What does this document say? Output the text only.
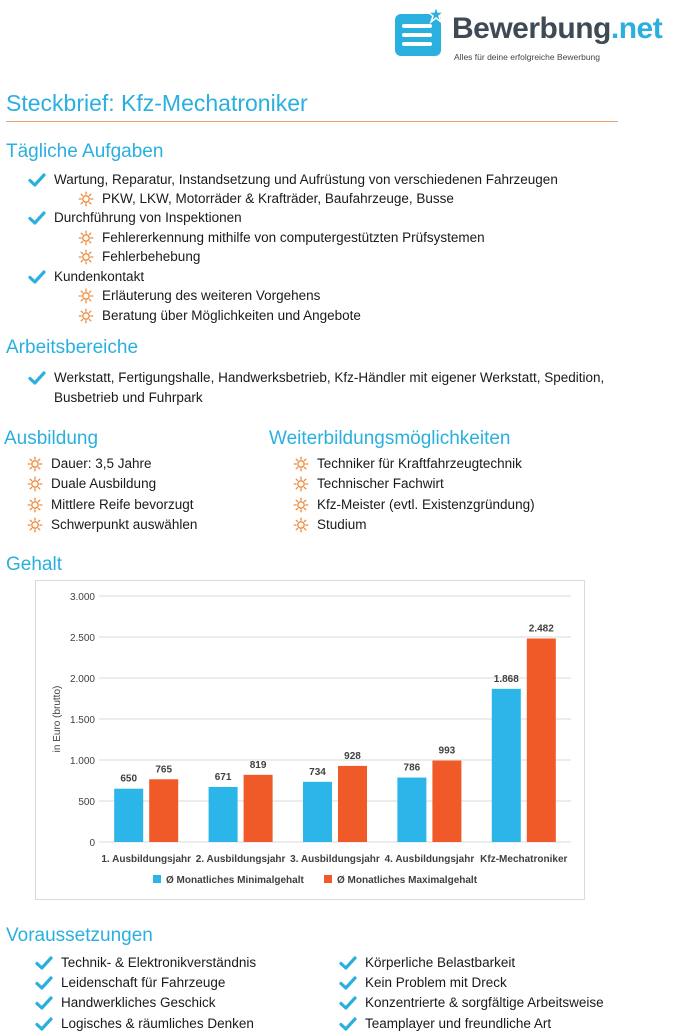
Bewerbung.net
Alles für deine erfolgreiche Bewerbung
Steckbrief: Kfz-Mechatroniker
Tägliche Aufgaben
Wartung, Reparatur, Instandsetzung und Aufrüstung von verschiedenen Fahrzeugen
PKW, LKW, Motorräder & Krafträder, Baufahrzeuge, Busse
Durchführung von Inspektionen
Fehlererkennung mithilfe von computergestützten Prüfsystemen
Fehlerbehebung
Kundenkontakt
Erläuterung des weiteren Vorgehens
Beratung über Möglichkeiten und Angebote
Arbeitsbereiche
Werkstatt, Fertigungshalle, Handwerksbetrieb, Kfz-Händler mit eigener Werkstatt, Spedition,
Busbetrieb und Fuhrpark
Ausbildung
Dauer: 3,5 Jahre
Duale Ausbildung
Mittlere Reife bevorzugt
Schwerpunkt auswählen
Weiterbildungsmöglichkeiten
Techniker für Kraftfahrzeugtechnik
Technischer Fachwirt
Kfz-Meister (evtl. Existenzgründung)
Studium
Gehalt
0
500
1.000
1.500
2.000
2.500
3.000
in Euro (brutto)
650
765
1. Ausbildungsjahr
671
819
2. Ausbildungsjahr
734
928
3. Ausbildungsjahr
786
993
4. Ausbildungsjahr
1.868
2.482
Kfz-Mechatroniker
Ø Monatliches Minimalgehalt	Ø Monatliches Maximalgehalt
Voraussetzungen
Technik- & Elektronikverständnis
Leidenschaft für Fahrzeuge
Handwerkliches Geschick
Logisches & räumliches Denken
Körperliche Belastbarkeit
Kein Problem mit Dreck
Konzentrierte & sorgfältige Arbeitsweise
Teamplayer und freundliche Art
